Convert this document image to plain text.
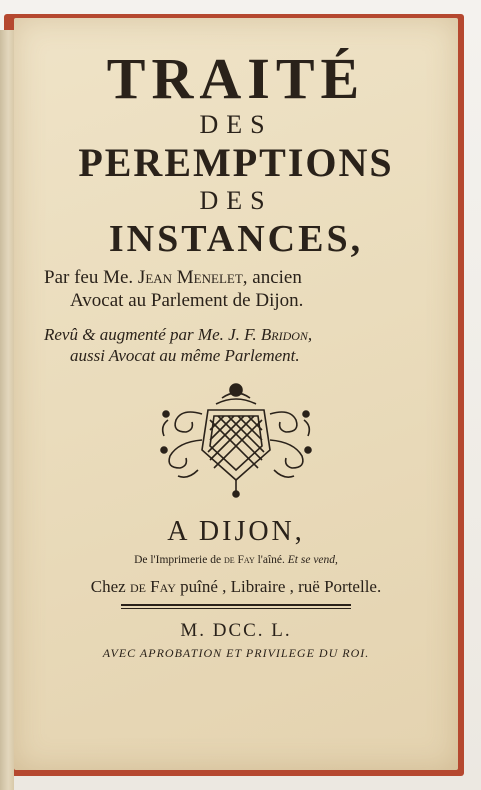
TRAITÉ

DES

PEREMPTIONS

DES

INSTANCES,

Par feu Me. Jean Menelet, ancien

Avocat au Parlement de Dijon.

Revû & augmenté par Me. J. F. Bridon,

aussi Avocat au même Parlement.

A DIJON,

De l'Imprimerie de de Fay l'aîné. Et se vend,

Chez de Fay puîné , Libraire , ruë Portelle.

M. DCC. L.

AVEC APROBATION ET PRIVILEGE DU ROI.
